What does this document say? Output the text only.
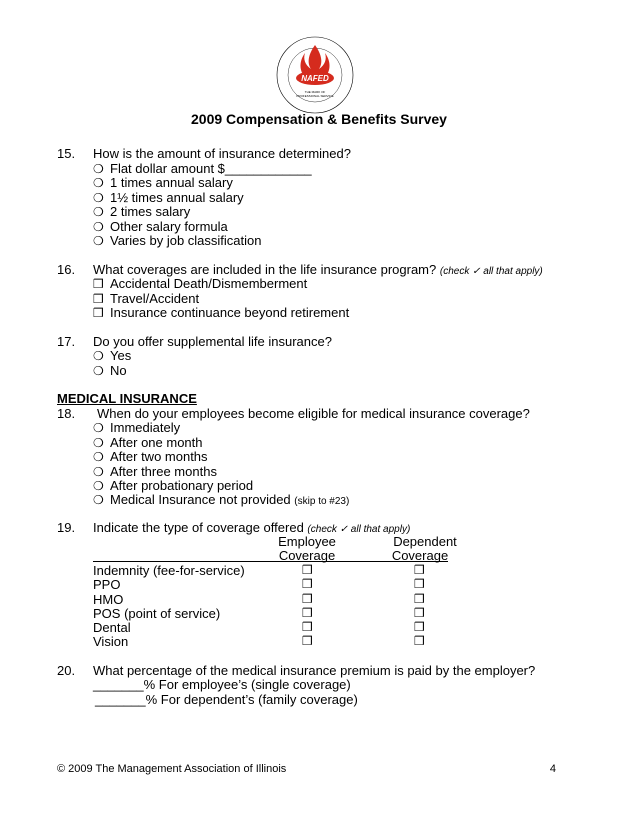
NAFED
THE MARK OF
PROFESSIONAL SERVICE
2009 Compensation & Benefits Survey
15. How is the amount of insurance determined?
❍ Flat dollar amount $____________
❍ 1 times annual salary
❍ 1½ times annual salary
❍ 2 times salary
❍ Other salary formula
❍ Varies by job classification
16. What coverages are included in the life insurance program? (check ✓ all that apply)
❒ Accidental Death/Dismemberment
❒ Travel/Accident
❒ Insurance continuance beyond retirement
17. Do you offer supplemental life insurance?
❍ Yes
❍ No
MEDICAL INSURANCE
18. When do your employees become eligible for medical insurance coverage?
❍ Immediately
❍ After one month
❍ After two months
❍ After three months
❍ After probationary period
❍ Medical Insurance not provided (skip to #23)
19. Indicate the type of coverage offered (check ✓ all that apply)
Employee	Dependent
Coverage	Coverage
Indemnity (fee-for-service)	❒	❒
PPO	❒	❒
HMO	❒	❒
POS (point of service)	❒	❒
Dental	❒	❒
Vision	❒	❒
20. What percentage of the medical insurance premium is paid by the employer?
_______% For employee’s (single coverage)
_______% For dependent’s (family coverage)
© 2009 The Management Association of Illinois	4
